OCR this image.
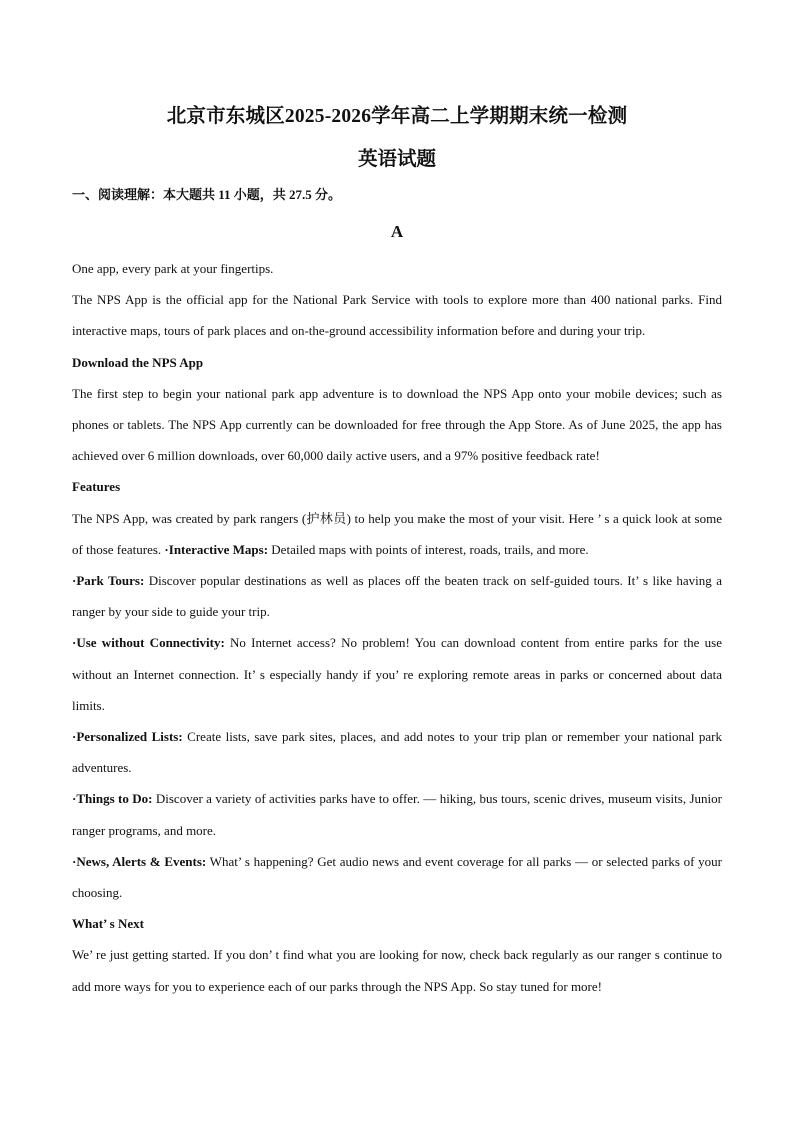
北京市东城区2025-2026学年高二上学期期末统一检测
英语试题
一、阅读理解：本大题共 11 小题，共 27.5 分。
A

One app, every park at your fingertips.

The NPS App is the official app for the National Park Service with tools to explore more than 400 national parks. Find interactive maps, tours of park places and on-the-ground accessibility information before and during your trip.

Download the NPS App

The first step to begin your national park app adventure is to download the NPS App onto your mobile devices; such as phones or tablets. The NPS App currently can be downloaded for free through the App Store. As of June 2025, the app has achieved over 6 million downloads, over 60,000 daily active users, and a 97% positive feedback rate!

Features

The NPS App, was created by park rangers (护林员) to help you make the most of your visit. Here ’ s a quick look at some of those features. ·Interactive Maps: Detailed maps with points of interest, roads, trails, and more.

·Park Tours: Discover popular destinations as well as places off the beaten track on self-guided tours. It’ s like having a ranger by your side to guide your trip.

·Use without Connectivity: No Internet access? No problem! You can download content from entire parks for the use without an Internet connection. It’ s especially handy if you’ re exploring remote areas in parks or concerned about data limits.

·Personalized Lists: Create lists, save park sites, places, and add notes to your trip plan or remember your national park adventures.

·Things to Do: Discover a variety of activities parks have to offer. — hiking, bus tours, scenic drives, museum visits, Junior ranger programs, and more.

·News, Alerts & Events: What’ s happening? Get audio news and event coverage for all parks — or selected parks of your choosing.

What’ s Next

We’ re just getting started. If you don’ t find what you are looking for now, check back regularly as our ranger s continue to add more ways for you to experience each of our parks through the NPS App. So stay tuned for more!
